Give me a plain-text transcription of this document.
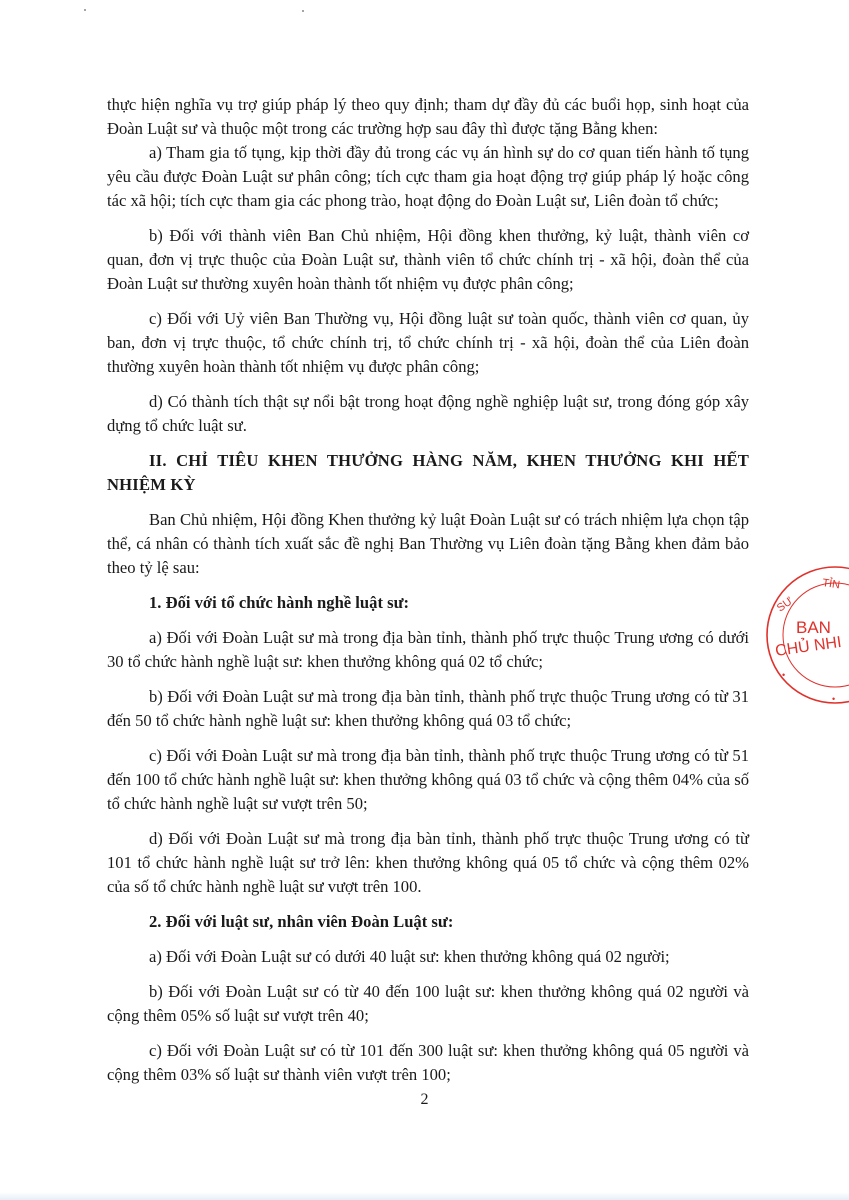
thực hiện nghĩa vụ trợ giúp pháp lý theo quy định; tham dự đầy đủ các buổi họp, sinh hoạt của Đoàn Luật sư và thuộc một trong các trường hợp sau đây thì được tặng Bằng khen:

a) Tham gia tố tụng, kịp thời đầy đủ trong các vụ án hình sự do cơ quan tiến hành tố tụng yêu cầu được Đoàn Luật sư phân công; tích cực tham gia hoạt động trợ giúp pháp lý hoặc công tác xã hội; tích cực tham gia các phong trào, hoạt động do Đoàn Luật sư, Liên đoàn tổ chức;

b) Đối với thành viên Ban Chủ nhiệm, Hội đồng khen thưởng, kỷ luật, thành viên cơ quan, đơn vị trực thuộc của Đoàn Luật sư, thành viên tổ chức chính trị - xã hội, đoàn thể của Đoàn Luật sư thường xuyên hoàn thành tốt nhiệm vụ được phân công;

c) Đối với Uỷ viên Ban Thường vụ, Hội đồng luật sư toàn quốc, thành viên cơ quan, ủy ban, đơn vị trực thuộc, tổ chức chính trị, tổ chức chính trị - xã hội, đoàn thể của Liên đoàn thường xuyên hoàn thành tốt nhiệm vụ được phân công;

d) Có thành tích thật sự nổi bật trong hoạt động nghề nghiệp luật sư, trong đóng góp xây dựng tổ chức luật sư.

II. CHỈ TIÊU KHEN THƯỞNG HÀNG NĂM, KHEN THƯỞNG KHI HẾT NHIỆM KỲ

Ban Chủ nhiệm, Hội đồng Khen thưởng kỷ luật Đoàn Luật sư có trách nhiệm lựa chọn tập thể, cá nhân có thành tích xuất sắc đề nghị Ban Thường vụ Liên đoàn tặng Bằng khen đảm bảo theo tỷ lệ sau:

1. Đối với tổ chức hành nghề luật sư:

a) Đối với Đoàn Luật sư mà trong địa bàn tỉnh, thành phố trực thuộc Trung ương có dưới 30 tổ chức hành nghề luật sư: khen thưởng không quá 02 tổ chức;

b) Đối với Đoàn Luật sư mà trong địa bàn tỉnh, thành phố trực thuộc Trung ương có từ 31 đến 50 tổ chức hành nghề luật sư: khen thưởng không quá 03 tổ chức;

c) Đối với Đoàn Luật sư mà trong địa bàn tỉnh, thành phố trực thuộc Trung ương có từ 51 đến 100 tổ chức hành nghề luật sư: khen thưởng không quá 03 tổ chức và cộng thêm 04% của số tổ chức hành nghề luật sư vượt trên 50;

d) Đối với Đoàn Luật sư mà trong địa bàn tỉnh, thành phố trực thuộc Trung ương có từ 101 tổ chức hành nghề luật sư trở lên: khen thưởng không quá 05 tổ chức và cộng thêm 02% của số tổ chức hành nghề luật sư vượt trên 100.

2. Đối với luật sư, nhân viên Đoàn Luật sư:

a) Đối với Đoàn Luật sư có dưới 40 luật sư: khen thưởng không quá 02 người;

b) Đối với Đoàn Luật sư có từ 40 đến 100 luật sư: khen thưởng không quá 02 người và cộng thêm 05% số luật sư vượt trên 40;

c) Đối với Đoàn Luật sư có từ 101 đến 300 luật sư: khen thưởng không quá 05 người và cộng thêm 03% số luật sư thành viên vượt trên 100;

2
SƯ
TỈN
BAN
CHỦ NHI
•
•
